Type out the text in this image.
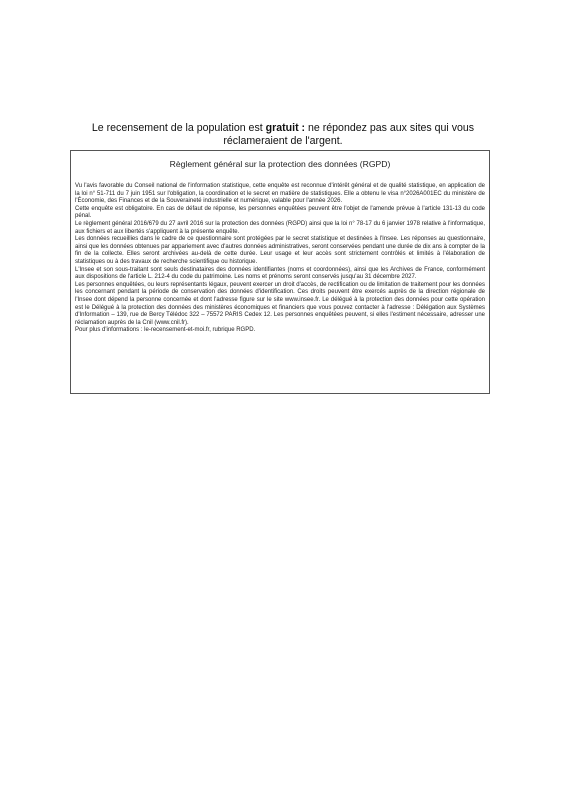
Le recensement de la population est gratuit : ne répondez pas aux sites qui vous réclameraient de l'argent.
Règlement général sur la protection des données (RGPD)

Vu l'avis favorable du Conseil national de l'information statistique, cette enquête est reconnue d'intérêt général et de qualité statistique, en application de la loi n° 51-711 du 7 juin 1951 sur l'obligation, la coordination et le secret en matière de statistiques. Elle a obtenu le visa n°2026A001EC du ministère de l'Économie, des Finances et de la Souveraineté industrielle et numérique, valable pour l'année 2026.

Cette enquête est obligatoire. En cas de défaut de réponse, les personnes enquêtées peuvent être l'objet de l'amende prévue à l'article 131-13 du code pénal.

Le règlement général 2016/679 du 27 avril 2016 sur la protection des données (RGPD) ainsi que la loi n° 78-17 du 6 janvier 1978 relative à l'informatique, aux fichiers et aux libertés s'appliquent à la présente enquête.

Les données recueillies dans le cadre de ce questionnaire sont protégées par le secret statistique et destinées à l'Insee. Les réponses au questionnaire, ainsi que les données obtenues par appariement avec d'autres données administratives, seront conservées pendant une durée de dix ans à compter de la fin de la collecte. Elles seront archivées au-delà de cette durée. Leur usage et leur accès sont strictement contrôlés et limités à l'élaboration de statistiques ou à des travaux de recherche scientifique ou historique.

L'Insee et son sous-traitant sont seuls destinataires des données identifiantes (noms et coordonnées), ainsi que les Archives de France, conformément aux dispositions de l'article L. 212-4 du code du patrimoine. Les noms et prénoms seront conservés jusqu'au 31 décembre 2027.

Les personnes enquêtées, ou leurs représentants légaux, peuvent exercer un droit d'accès, de rectification ou de limitation de traitement pour les données les concernant pendant la période de conservation des données d'identification. Ces droits peuvent être exercés auprès de la direction régionale de l'Insee dont dépend la personne concernée et dont l'adresse figure sur le site www.insee.fr. Le délégué à la protection des données pour cette opération est le Délégué à la protection des données des ministères économiques et financiers que vous pouvez contacter à l'adresse : Délégation aux Systèmes d'Information – 139, rue de Bercy Télédoc 322 – 75572 PARIS Cedex 12. Les personnes enquêtées peuvent, si elles l'estiment nécessaire, adresser une réclamation auprès de la Cnil (www.cnil.fr).

Pour plus d'informations : le-recensement-et-moi.fr, rubrique RGPD.
